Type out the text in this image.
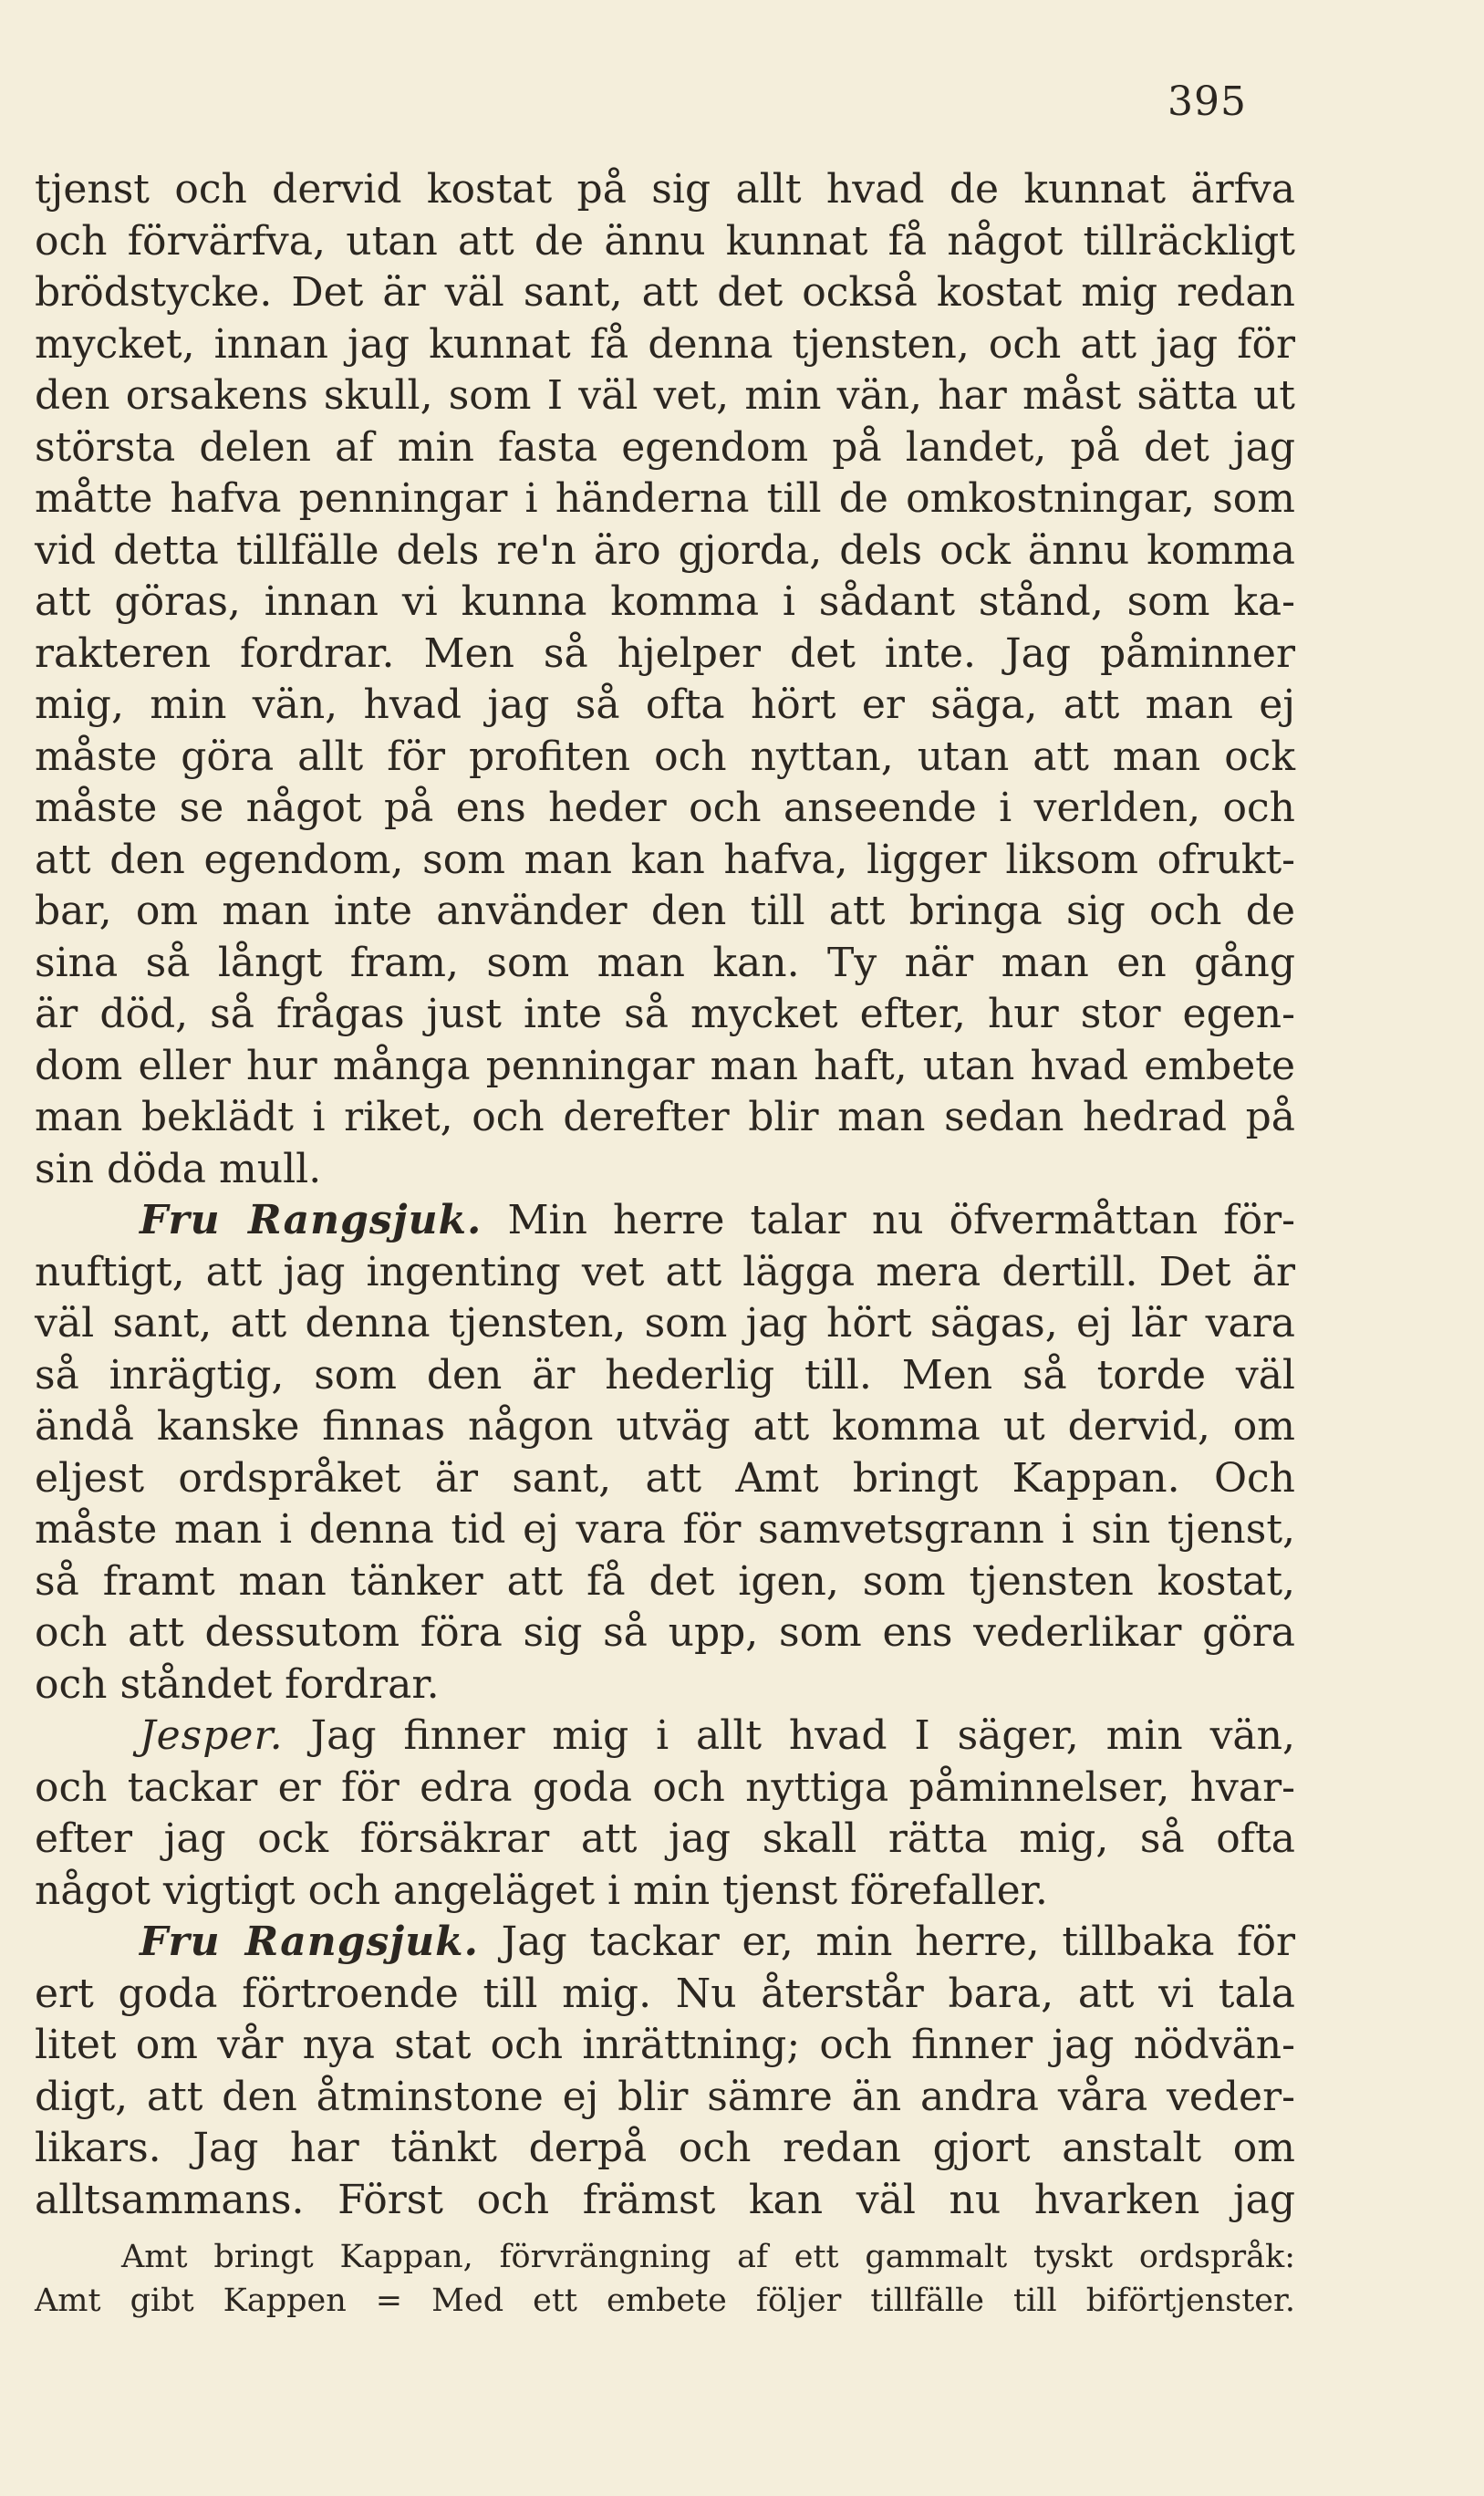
395
tjenst och dervid kostat på sig allt hvad de kunnat ärfva
och förvärfva, utan att de ännu kunnat få något tillräckligt
brödstycke. Det är väl sant, att det också kostat mig redan
mycket, innan jag kunnat få denna tjensten, och att jag för
den orsakens skull, som I väl vet, min vän, har måst sätta ut
största delen af min fasta egendom på landet, på det jag
måtte hafva penningar i händerna till de omkostningar, som
vid detta tillfälle dels re'n äro gjorda, dels ock ännu komma
att göras, innan vi kunna komma i sådant stånd, som ka-
rakteren fordrar. Men så hjelper det inte. Jag påminner
mig, min vän, hvad jag så ofta hört er säga, att man ej
måste göra allt för profiten och nyttan, utan att man ock
måste se något på ens heder och anseende i verlden, och
att den egendom, som man kan hafva, ligger liksom ofrukt-
bar, om man inte använder den till att bringa sig och de
sina så långt fram, som man kan. Ty när man en gång
är död, så frågas just inte så mycket efter, hur stor egen-
dom eller hur många penningar man haft, utan hvad embete
man beklädt i riket, och derefter blir man sedan hedrad på
sin döda mull.
Fru Rangsjuk. Min herre talar nu öfvermåttan för-
nuftigt, att jag ingenting vet att lägga mera dertill. Det är
väl sant, att denna tjensten, som jag hört sägas, ej lär vara
så inrägtig, som den är hederlig till. Men så torde väl
ändå kanske finnas någon utväg att komma ut dervid, om
eljest ordspråket är sant, att Amt bringt Kappan. Och
måste man i denna tid ej vara för samvetsgrann i sin tjenst,
så framt man tänker att få det igen, som tjensten kostat,
och att dessutom föra sig så upp, som ens vederlikar göra
och ståndet fordrar.
Jesper. Jag finner mig i allt hvad I säger, min vän,
och tackar er för edra goda och nyttiga påminnelser, hvar-
efter jag ock försäkrar att jag skall rätta mig, så ofta
något vigtigt och angeläget i min tjenst förefaller.
Fru Rangsjuk. Jag tackar er, min herre, tillbaka för
ert goda förtroende till mig. Nu återstår bara, att vi tala
litet om vår nya stat och inrättning; och finner jag nödvän-
digt, att den åtminstone ej blir sämre än andra våra veder-
likars. Jag har tänkt derpå och redan gjort anstalt om
alltsammans. Först och främst kan väl nu hvarken jag
Amt bringt Kappan, förvrängning af ett gammalt tyskt ordspråk:
Amt gibt Kappen = Med ett embete följer tillfälle till biförtjenster.
